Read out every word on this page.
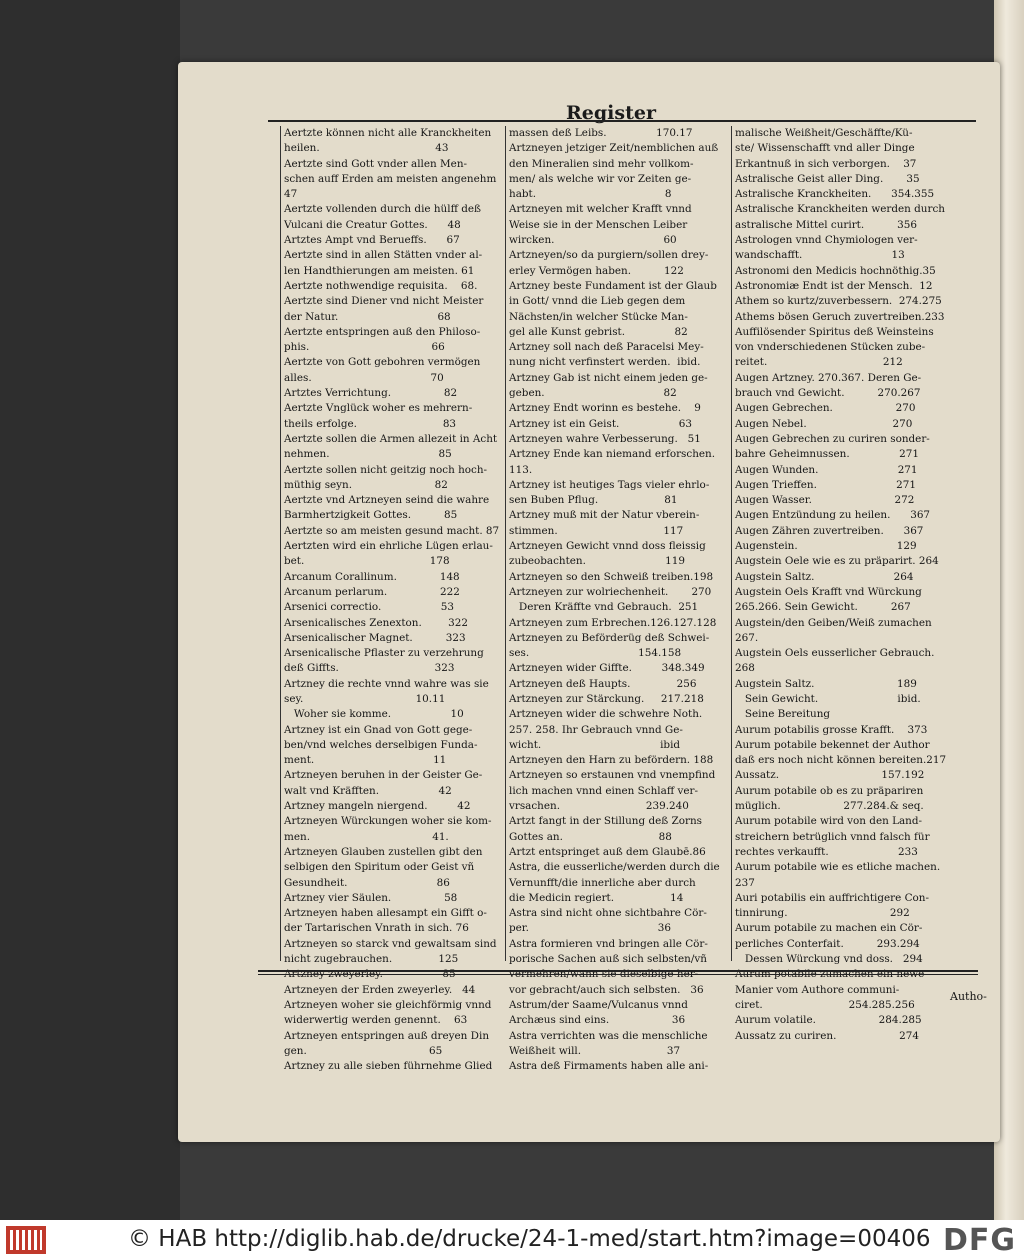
Register
Aertzte können nicht alle Kranckheiten
heilen.                                   43
Aertzte sind Gott vnder allen Men-
schen auff Erden am meisten angenehm
47
Aertzte vollenden durch die hülff deß
Vulcani die Creatur Gottes.      48
Artztes Ampt vnd Berueffs.      67
Aertzte sind in allen Stätten vnder al-
len Handthierungen am meisten. 61
Aertzte nothwendige requisita.    68.
Aertzte sind Diener vnd nicht Meister
der Natur.                              68
Aertzte entspringen auß den Philoso-
phis.                                     66
Aertzte von Gott gebohren vermögen
alles.                                    70
Artztes Verrichtung.                82
Aertzte Vnglück woher es mehrern-
theils erfolge.                          83
Aertzte sollen die Armen allezeit in Acht
nehmen.                                 85
Aertzte sollen nicht geitzig noch hoch-
müthig seyn.                         82
Aertzte vnd Artzneyen seind die wahre
Barmhertzigkeit Gottes.          85
Aertzte so am meisten gesund macht. 87
Aertzten wird ein ehrliche Lügen erlau-
bet.                                      178
Arcanum Corallinum.             148
Arcanum perlarum.                222
Arsenici correctio.                  53
Arsenicalisches Zenexton.        322
Arsenicalischer Magnet.          323
Arsenicalische Pflaster zu verzehrung
deß Giffts.                             323
Artzney die rechte vnnd wahre was sie
sey.                                  10.11
Woher sie komme.                  10
Artzney ist ein Gnad von Gott gege-
ben/vnd welches derselbigen Funda-
ment.                                    11
Artzneyen beruhen in der Geister Ge-
walt vnd Kräfften.                  42
Artzney mangeln niergend.         42
Artzneyen Würckungen woher sie kom-
men.                                     41.
Artzneyen Glauben zustellen gibt den
selbigen den Spiritum oder Geist vñ
Gesundheit.                           86
Artzney vier Säulen.                58
Artzneyen haben allesampt ein Gifft o-
der Tartarischen Vnrath in sich. 76
Artzneyen so starck vnd gewaltsam sind
nicht zugebrauchen.              125
Artzney zweyerley.                  85
Artzneyen der Erden zweyerley.   44
Artzneyen woher sie gleichförmig vnnd
widerwertig werden genennt.    63
Artzneyen entspringen auß dreyen Din
gen.                                     65
Artzney zu alle sieben führnehme Glied
massen deß Leibs.               170.17
Artzneyen jetziger Zeit/nemblichen auß
den Mineralien sind mehr vollkom-
men/ als welche wir vor Zeiten ge-
habt.                                       8
Artzneyen mit welcher Krafft vnnd
Weise sie in der Menschen Leiber
wircken.                                 60
Artzneyen/so da purgiern/sollen drey-
erley Vermögen haben.          122
Artzney beste Fundament ist der Glaub
in Gott/ vnnd die Lieb gegen dem
Nächsten/in welcher Stücke Man-
gel alle Kunst gebrist.               82
Artzney soll nach deß Paracelsi Mey-
nung nicht verfinstert werden.  ibid.
Artzney Gab ist nicht einem jeden ge-
geben.                                    82
Artzney Endt worinn es bestehe.    9
Artzney ist ein Geist.                  63
Artzneyen wahre Verbesserung.   51
Artzney Ende kan niemand erforschen.
113.
Artzney ist heutiges Tags vieler ehrlo-
sen Buben Pflug.                    81
Artzney muß mit der Natur vberein-
stimmen.                                117
Artzneyen Gewicht vnnd doss fleissig
zubeobachten.                        119
Artzneyen so den Schweiß treiben.198
Artzneyen zur wolriechenheit.       270
Deren Kräffte vnd Gebrauch.  251
Artzneyen zum Erbrechen.126.127.128
Artzneyen zu Beförderüg deß Schwei-
ses.                                 154.158
Artzneyen wider Giffte.         348.349
Artzneyen deß Haupts.              256
Artzneyen zur Stärckung.     217.218
Artzneyen wider die schwehre Noth.
257. 258. Ihr Gebrauch vnnd Ge-
wicht.                                    ibid
Artzneyen den Harn zu befördern. 188
Artzneyen so erstaunen vnd vnempfind
lich machen vnnd einen Schlaff ver-
vrsachen.                          239.240
Artzt fangt in der Stillung deß Zorns
Gottes an.                             88
Artzt entspringet auß dem Glaubē.86
Astra, die eusserliche/werden durch die
Vernunfft/die innerliche aber durch
die Medicin regiert.                 14
Astra sind nicht ohne sichtbahre Cör-
per.                                       36
Astra formieren vnd bringen alle Cör-
porische Sachen auß sich selbsten/vñ
vermehren/wann sie dieselbige her-
vor gebracht/auch sich selbsten.   36
Astrum/der Saame/Vulcanus vnnd
Archæus sind eins.                   36
Astra verrichten was die menschliche
Weißheit will.                          37
Astra deß Firmaments haben alle ani-
malische Weißheit/Geschäffte/Kü-
ste/ Wissenschafft vnd aller Dinge
Erkantnuß in sich verborgen.    37
Astralische Geist aller Ding.       35
Astralische Kranckheiten.      354.355
Astralische Kranckheiten werden durch
astralische Mittel curirt.          356
Astrologen vnnd Chymiologen ver-
wandschafft.                           13
Astronomi den Medicis hochnöthig.35
Astronomiæ Endt ist der Mensch.  12
Athem so kurtz/zuverbessern.  274.275
Athems bösen Geruch zuvertreiben.233
Auffilösender Spiritus deß Weinsteins
von vnderschiedenen Stücken zube-
reitet.                                   212
Augen Artzney. 270.367. Deren Ge-
brauch vnd Gewicht.          270.267
Augen Gebrechen.                   270
Augen Nebel.                          270
Augen Gebrechen zu curiren sonder-
bahre Geheimnussen.               271
Augen Wunden.                        271
Augen Trieffen.                        271
Augen Wasser.                         272
Augen Entzündung zu heilen.      367
Augen Zähren zuvertreiben.      367
Augenstein.                              129
Augstein Oele wie es zu präparirt. 264
Augstein Saltz.                        264
Augstein Oels Krafft vnd Würckung
265.266. Sein Gewicht.          267
Augstein/den Geiben/Weiß zumachen
267.
Augstein Oels eusserlicher Gebrauch.
268
Augstein Saltz.                         189
Sein Gewicht.                        ibid.
Seine Bereitung
Aurum potabilis grosse Krafft.    373
Aurum potabile bekennet der Author
daß ers noch nicht können bereiten.217
Aussatz.                               157.192
Aurum potabile ob es zu präpariren
müglich.                   277.284.& seq.
Aurum potabile wird von den Land-
streichern betrüglich vnnd falsch für
rechtes verkaufft.                     233
Aurum potabile wie es etliche machen.
237
Auri potabilis ein auffrichtigere Con-
tinnirung.                               292
Aurum potabile zu machen ein Cör-
perliches Conterfait.          293.294
Dessen Würckung vnd doss.   294
Aurum potabile zumachen ein newe
Manier vom Authore communi-
ciret.                          254.285.256
Aurum volatile.                   284.285
Aussatz zu curiren.                   274
Autho-
© HAB http://diglib.hab.de/drucke/24-1-med/start.htm?image=00406 DFG
